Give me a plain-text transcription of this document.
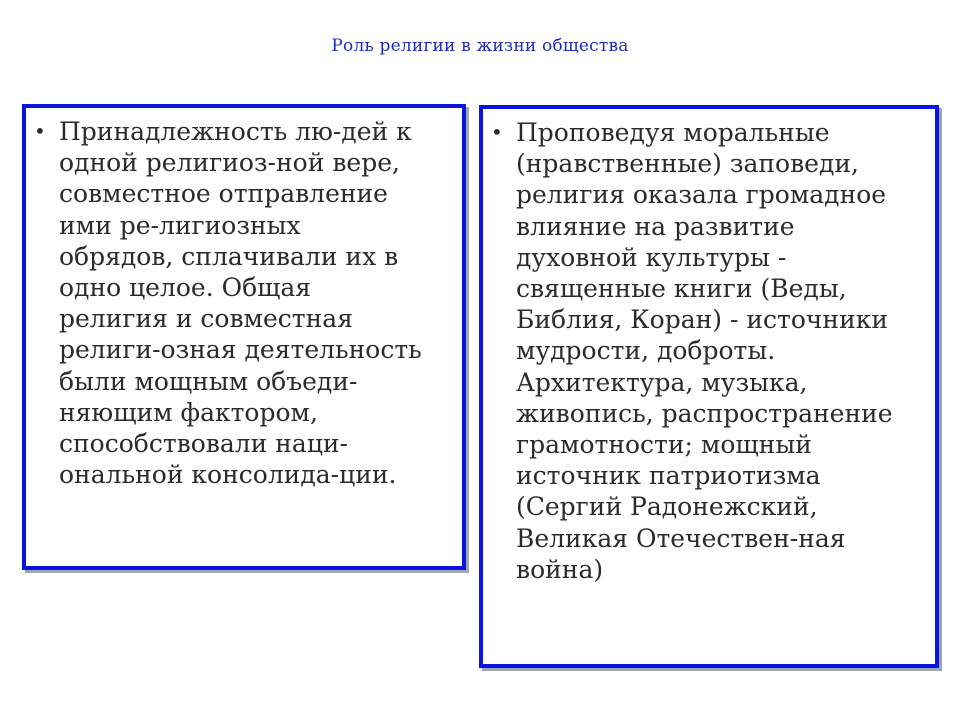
Роль религии в жизни общества
• Принадлежность лю-дей к
одной религиоз-ной вере,
совместное отправление
ими ре-лигиозных
обрядов, сплачивали их в
одно целое. Общая
религия и совместная
религи-озная деятельность
были мощным объеди-
няющим фактором,
способствовали наци-
ональной консолида-ции.
• Проповедуя моральные
(нравственные) заповеди,
религия оказала громадное
влияние на развитие
духовной культуры -
священные книги (Веды,
Библия, Коран) - источники
мудрости, доброты.
Архитектура, музыка,
живопись, распространение
грамотности; мощный
источник патриотизма
(Сергий Радонежский,
Великая Отечествен-ная
война)
